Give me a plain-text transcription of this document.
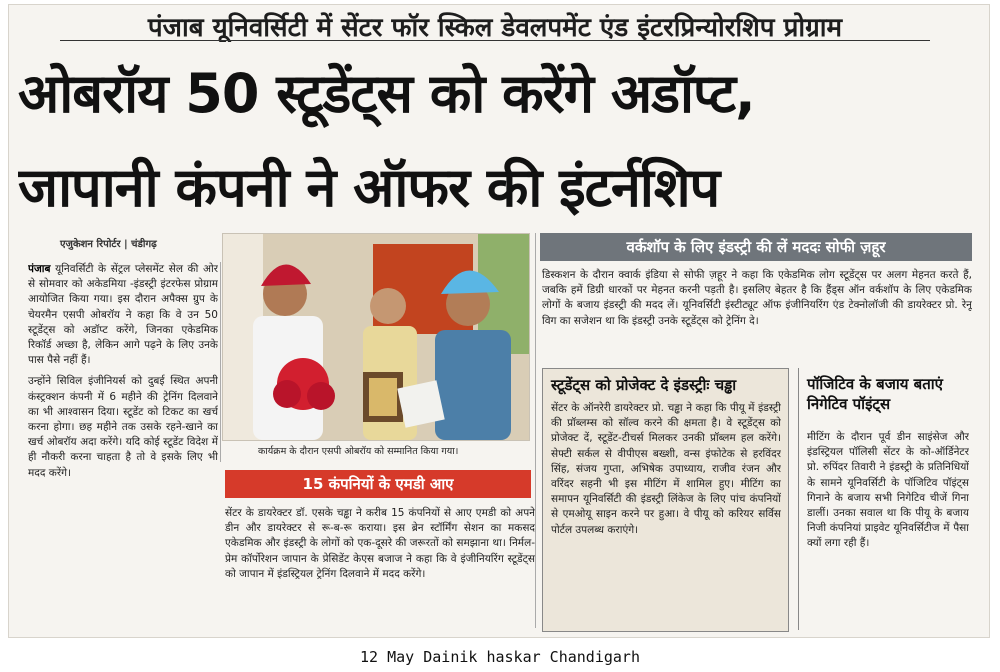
पंजाब यूनिवर्सिटी में सेंटर फॉर स्किल डेवलपमेंट एंड इंटरप्रिन्योरशिप प्रोग्राम
ओबरॉय 50 स्टूडेंट्स को करेंगे अडॉप्ट,
जापानी कंपनी ने ऑफर की इंटर्नशिप
एजुकेशन रिपोर्टर | चंडीगढ़

पंजाब यूनिवर्सिटी के सेंट्रल प्लेसमेंट सेल की ओर से सोमवार को अकेडमिया -इंडस्ट्री इंटरफेस प्रोग्राम आयोजित किया गया। इस दौरान अपैक्स ग्रुप के चेयरमैन एसपी ओबरॉय ने कहा कि वे उन 50 स्टूडेंट्स को अडॉप्ट करेंगे, जिनका एकेडमिक रिकॉर्ड अच्छा है, लेकिन आगे पढ़ने के लिए उनके पास पैसे नहीं हैं।

उन्होंने सिविल इंजीनियर्स को दुबई स्थित अपनी कंस्ट्रक्शन कंपनी में 6 महीने की ट्रेनिंग दिलवाने का भी आश्वासन दिया। स्टूडेंट को टिकट का खर्च करना होगा। छह महीने तक उसके रहने-खाने का खर्च ओबरॉय अदा करेंगे। यदि कोई स्टूडेंट विदेश में ही नौकरी करना चाहता है तो वे इसके लिए भी मदद करेंगे।

कार्यक्रम के दौरान एसपी ओबरॉय को सम्मानित किया गया।
15 कंपनियों के एमडी आए
सेंटर के डायरेक्टर डॉ. एसके चड्ढा ने करीब 15 कंपनियों से आए एमडी को अपने डीन और डायरेक्टर से रू-ब-रू कराया। इस ब्रेन स्टॉर्मिंग सेशन का मकसद एकेडमिक और इंडस्ट्री के लोगों को एक-दूसरे की जरूरतों को समझाना था। निर्मल-प्रेम कॉर्पोरेशन जापान के प्रेसिडेंट केएस बजाज ने कहा कि वे इंजीनियरिंग स्टूडेंट्स को जापान में इंडस्ट्रियल ट्रेनिंग दिलवाने में मदद करेंगे।
वर्कशॉप के लिए इंडस्ट्री की लें मददः सोफी ज़हूर
डिस्कशन के दौरान क्वार्क इंडिया से सोफी ज़हूर ने कहा कि एकेडमिक लोग स्टूडेंट्स पर अलग मेहनत करते हैं, जबकि हमें डिग्री धारकों पर मेहनत करनी पड़ती है। इसलिए बेहतर है कि हैंड्स ऑन वर्कशॉप के लिए एकेडमिक लोगों के बजाय इंडस्ट्री की मदद लें। यूनिवर्सिटी इंस्टीट्यूट ऑफ इंजीनियरिंग एंड टेक्नोलॉजी की डायरेक्टर प्रो. रेनू विग का सजेशन था कि इंडस्ट्री उनके स्टूडेंट्स को ट्रेनिंग दे।
स्टूडेंट्स को प्रोजेक्ट दे इंडस्ट्रीः चड्ढा
सेंटर के ऑनरेरी डायरेक्टर प्रो. चड्ढा ने कहा कि पीयू में इंडस्ट्री की प्रॉब्लम्स को सॉल्व करने की क्षमता है। वे स्टूडेंट्स को प्रोजेक्ट दें, स्टूडेंट-टीचर्स मिलकर उनकी प्रॉब्लम हल करेंगे। सेफ्टी सर्कल से वीपीएस बख्शी, वन्स इंफोटेक से हरविंदर सिंह, संजय गुप्ता, अभिषेक उपाध्याय, राजीव रंजन और वरिंदर सहनी भी इस मीटिंग में शामिल हुए। मीटिंग का समापन यूनिवर्सिटी की इंडस्ट्री लिंकेज के लिए पांच कंपनियों से एमओयू साइन करने पर हुआ। वे पीयू को करियर सर्विस पोर्टल उपलब्ध कराएंगे।
पॉजिटिव के बजाय बताएं निगेटिव पॉइंट्स
मीटिंग के दौरान पूर्व डीन साइंसेज और इंडस्ट्रियल पॉलिसी सेंटर के को-ऑर्डिनेटर प्रो. रुपिंदर तिवारी ने इंडस्ट्री के प्रतिनिधियों के सामने यूनिवर्सिटी के पॉजिटिव पॉइंट्स गिनाने के बजाय सभी निगेटिव चीजें गिना डालीं। उनका सवाल था कि पीयू के बजाय निजी कंपनियां प्राइवेट यूनिवर्सिटीज में पैसा क्यों लगा रही हैं।
12 May Dainik haskar Chandigarh
